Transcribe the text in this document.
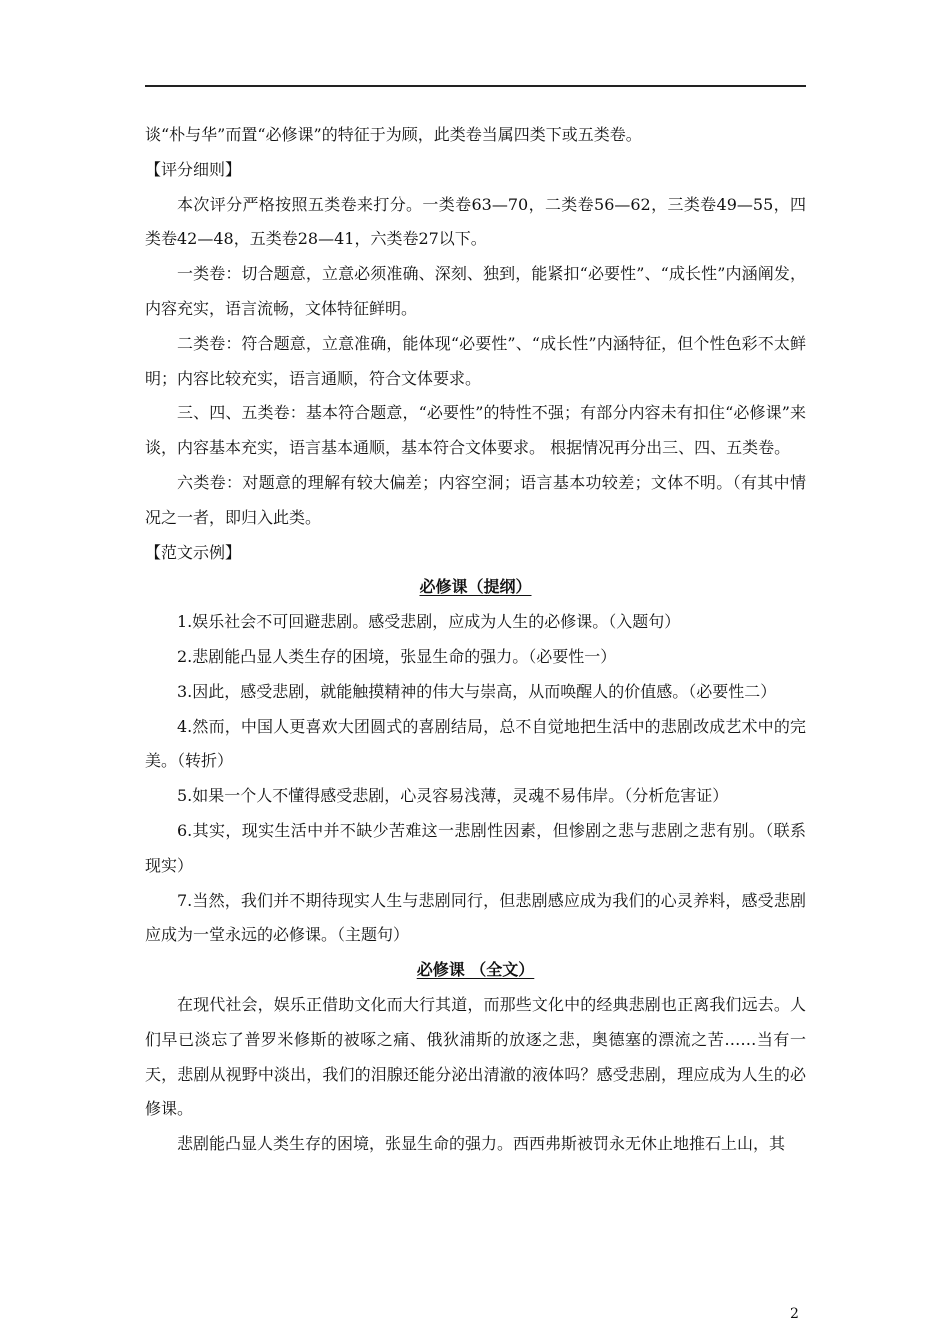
谈“朴与华”而置“必修课”的特征于为顾，此类卷当属四类下或五类卷。

【评分细则】

本次评分严格按照五类卷来打分。一类卷63—70，二类卷56—62，三类卷49—55，四类卷42—48，五类卷28—41，六类卷27以下。

一类卷：切合题意，立意必须准确、深刻、独到，能紧扣“必要性”、“成长性”内涵阐发，内容充实，语言流畅，文体特征鲜明。

二类卷：符合题意，立意准确，能体现“必要性”、“成长性”内涵特征，但个性色彩不太鲜明；内容比较充实，语言通顺，符合文体要求。

三、四、五类卷：基本符合题意，“必要性”的特性不强；有部分内容未有扣住“必修课”来谈，内容基本充实，语言基本通顺，基本符合文体要求。 根据情况再分出三、四、五类卷。

六类卷：对题意的理解有较大偏差；内容空洞；语言基本功较差；文体不明。（有其中情况之一者，即归入此类。

【范文示例】

必修课（提纲）

1.娱乐社会不可回避悲剧。感受悲剧，应成为人生的必修课。（入题句）

2.悲剧能凸显人类生存的困境，张显生命的强力。（必要性一）

3.因此，感受悲剧，就能触摸精神的伟大与崇高，从而唤醒人的价值感。（必要性二）

4.然而，中国人更喜欢大团圆式的喜剧结局，总不自觉地把生活中的悲剧改成艺术中的完美。（转折）

5.如果一个人不懂得感受悲剧，心灵容易浅薄，灵魂不易伟岸。（分析危害证）

6.其实，现实生活中并不缺少苦难这一悲剧性因素，但惨剧之悲与悲剧之悲有别。（联系现实）

7.当然，我们并不期待现实人生与悲剧同行，但悲剧感应成为我们的心灵养料，感受悲剧应成为一堂永远的必修课。（主题句）

必修课 （全文）

在现代社会，娱乐正借助文化而大行其道，而那些文化中的经典悲剧也正离我们远去。人们早已淡忘了普罗米修斯的被啄之痛、俄狄浦斯的放逐之悲，奥德塞的漂流之苦……当有一天，悲剧从视野中淡出，我们的泪腺还能分泌出清澈的液体吗？感受悲剧，理应成为人生的必修课。

悲剧能凸显人类生存的困境，张显生命的强力。西西弗斯被罚永无休止地推石上山，其

2
